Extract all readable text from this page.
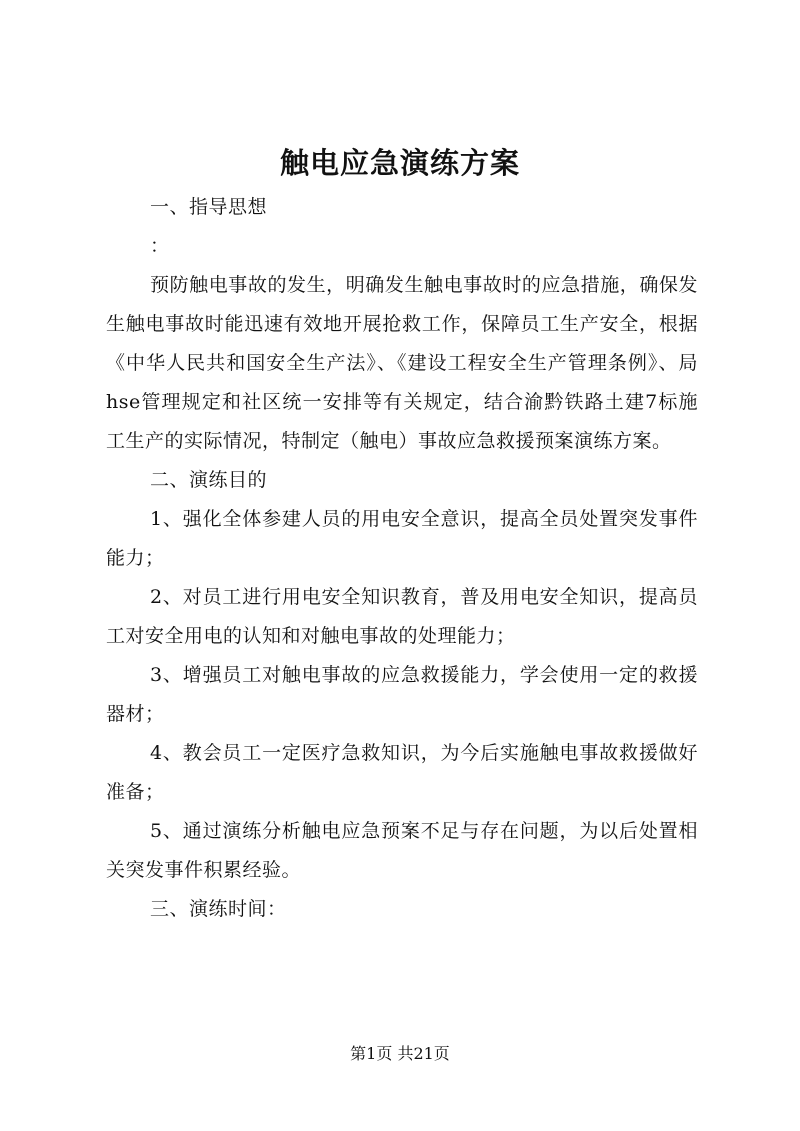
触电应急演练方案

一、指导思想

：

预防触电事故的发生，明确发生触电事故时的应急措施，确保发生触电事故时能迅速有效地开展抢救工作，保障员工生产安全，根据《中华人民共和国安全生产法》、《建设工程安全生产管理条例》、局hse管理规定和社区统一安排等有关规定，结合渝黔铁路土建7标施工生产的实际情况，特制定（触电）事故应急救援预案演练方案。

二、演练目的

1、强化全体参建人员的用电安全意识，提高全员处置突发事件能力；

2、对员工进行用电安全知识教育，普及用电安全知识，提高员工对安全用电的认知和对触电事故的处理能力；

3、增强员工对触电事故的应急救援能力，学会使用一定的救援器材；

4、教会员工一定医疗急救知识，为今后实施触电事故救援做好准备；

5、通过演练分析触电应急预案不足与存在问题，为以后处置相关突发事件积累经验。

三、演练时间：

第1页 共21页
